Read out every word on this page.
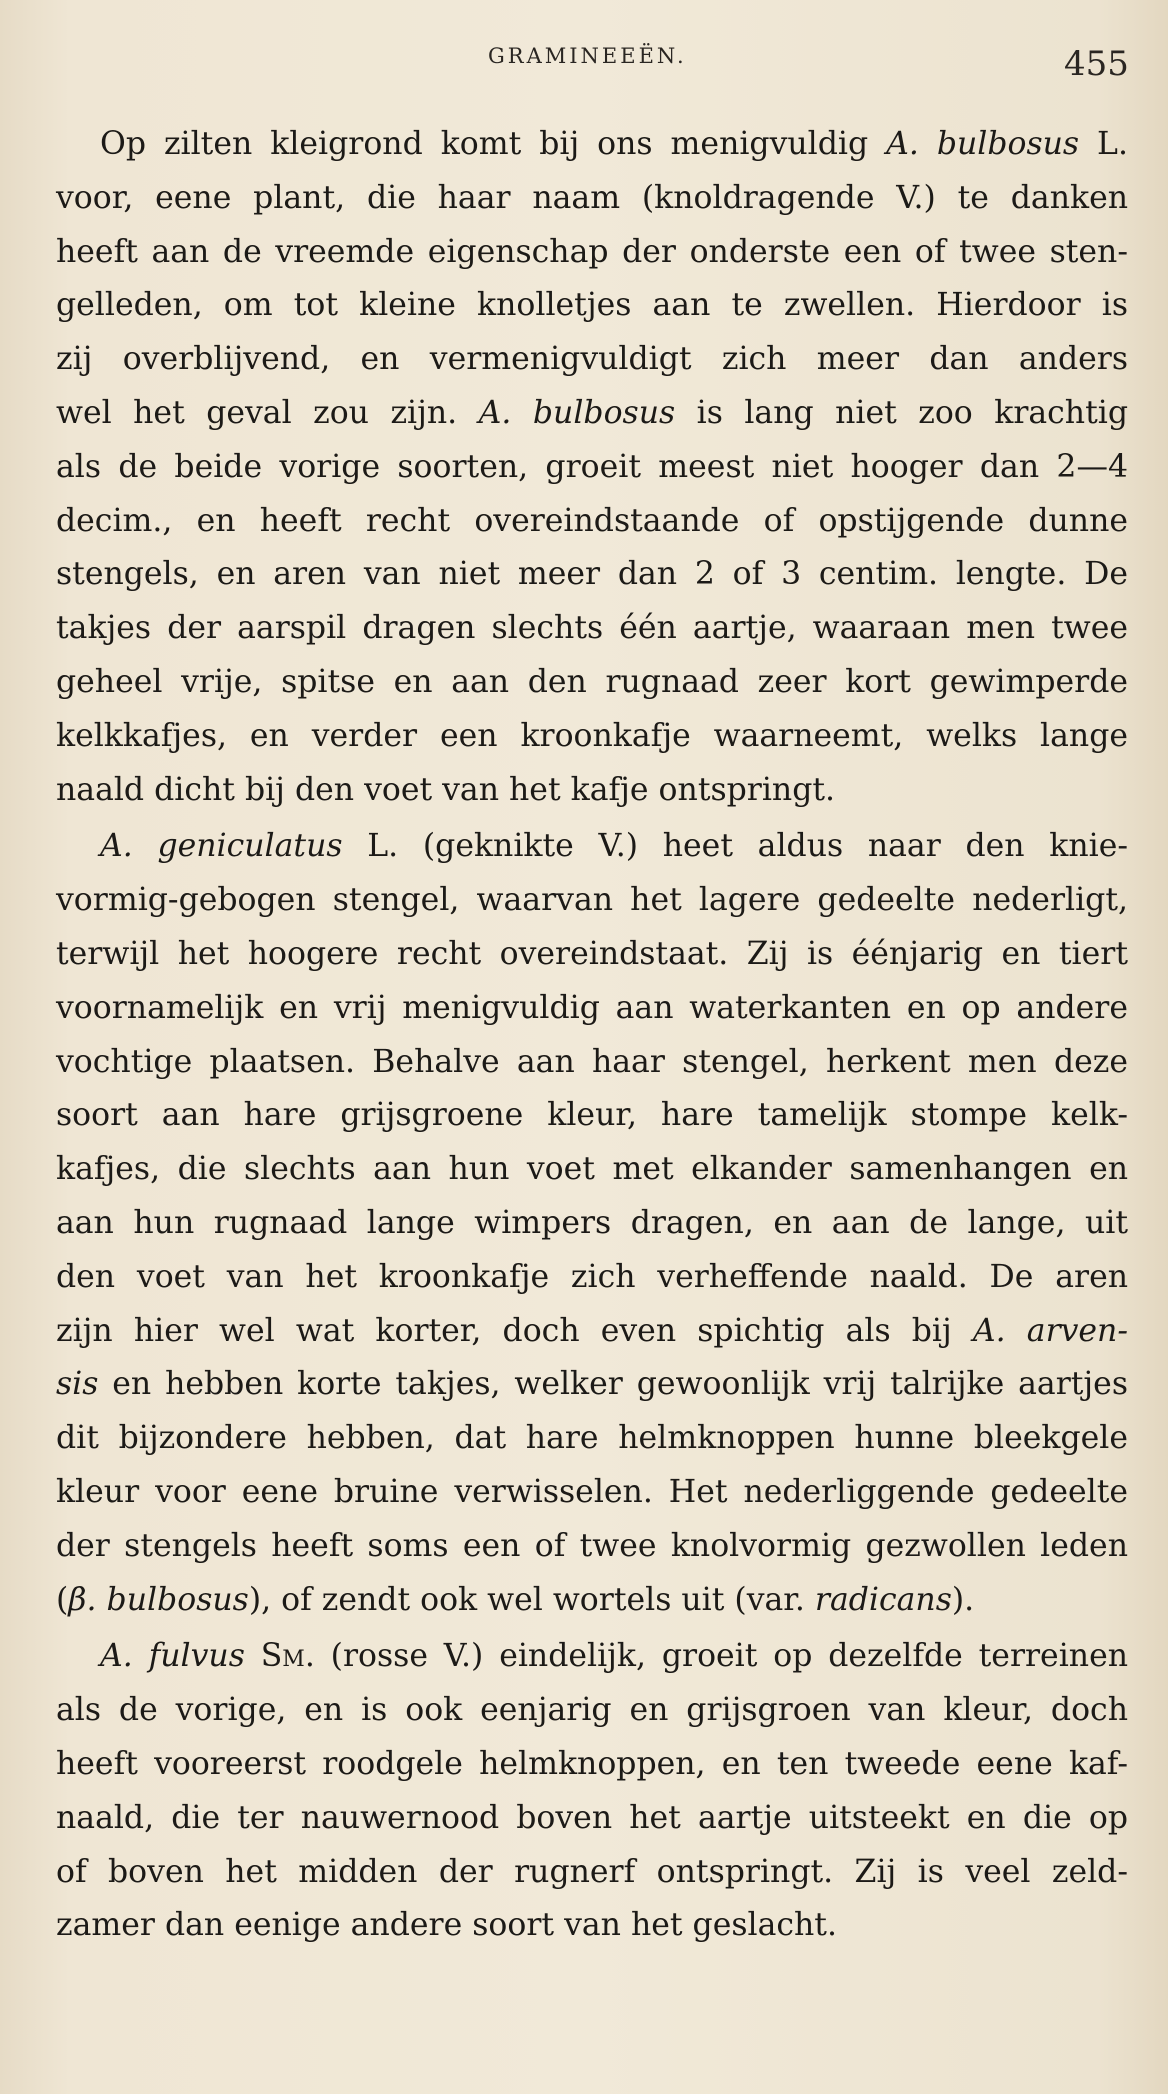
GRAMINEEËN.	455
Op zilten kleigrond komt bij ons menigvuldig A. bulbosus L.
voor, eene plant, die haar naam (knoldragende V.) te danken
heeft aan de vreemde eigenschap der onderste een of twee sten-
gelleden, om tot kleine knolletjes aan te zwellen. Hierdoor is
zij overblijvend, en vermenigvuldigt zich meer dan anders
wel het geval zou zijn. A. bulbosus is lang niet zoo krachtig
als de beide vorige soorten, groeit meest niet hooger dan 2—4
decim., en heeft recht overeindstaande of opstijgende dunne
stengels, en aren van niet meer dan 2 of 3 centim. lengte. De
takjes der aarspil dragen slechts één aartje, waaraan men twee
geheel vrije, spitse en aan den rugnaad zeer kort gewimperde
kelkkafjes, en verder een kroonkafje waarneemt, welks lange
naald dicht bij den voet van het kafje ontspringt.
A. geniculatus L. (geknikte V.) heet aldus naar den knie-
vormig-gebogen stengel, waarvan het lagere gedeelte nederligt,
terwijl het hoogere recht overeindstaat. Zij is éénjarig en tiert
voornamelijk en vrij menigvuldig aan waterkanten en op andere
vochtige plaatsen. Behalve aan haar stengel, herkent men deze
soort aan hare grijsgroene kleur, hare tamelijk stompe kelk-
kafjes, die slechts aan hun voet met elkander samenhangen en
aan hun rugnaad lange wimpers dragen, en aan de lange, uit
den voet van het kroonkafje zich verheffende naald. De aren
zijn hier wel wat korter, doch even spichtig als bij A. arven-
sis en hebben korte takjes, welker gewoonlijk vrij talrijke aartjes
dit bijzondere hebben, dat hare helmknoppen hunne bleekgele
kleur voor eene bruine verwisselen. Het nederliggende gedeelte
der stengels heeft soms een of twee knolvormig gezwollen leden
(β. bulbosus), of zendt ook wel wortels uit (var. radicans).
A. fulvus Sm. (rosse V.) eindelijk, groeit op dezelfde terreinen
als de vorige, en is ook eenjarig en grijsgroen van kleur, doch
heeft vooreerst roodgele helmknoppen, en ten tweede eene kaf-
naald, die ter nauwernood boven het aartje uitsteekt en die op
of boven het midden der rugnerf ontspringt. Zij is veel zeld-
zamer dan eenige andere soort van het geslacht.
